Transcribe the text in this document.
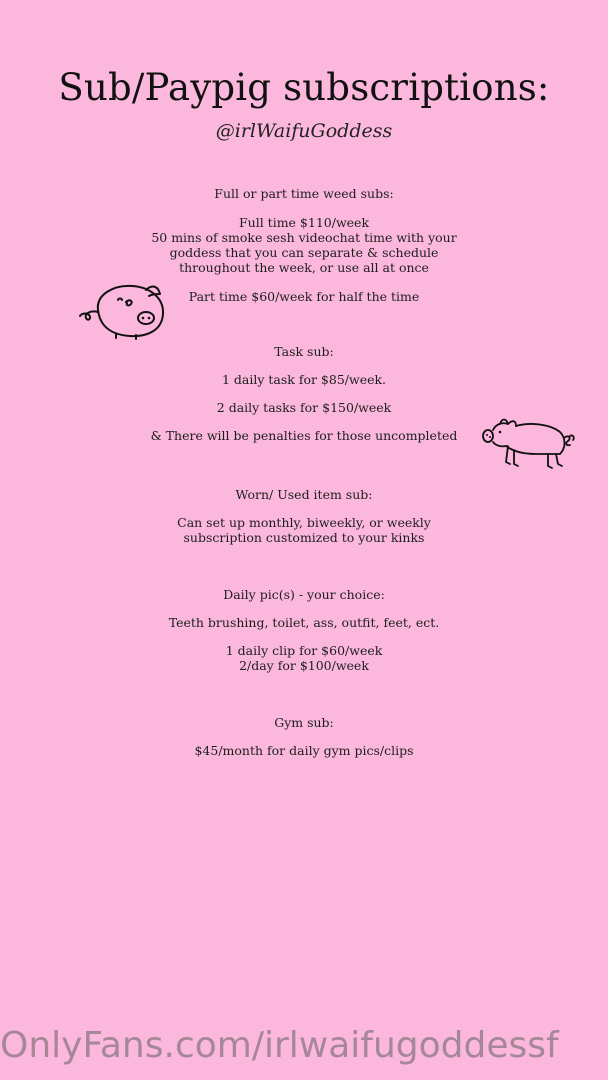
Sub/Paypig subscriptions:
@irlWaifuGoddess

Full or part time weed subs:

Full time $110/week

50 mins of smoke sesh videochat time with your

goddess that you can separate & schedule

throughout the week, or use all at once

Part time $60/week for half the time

Task sub:

1 daily task for $85/week.

2 daily tasks for $150/week

& There will be penalties for those uncompleted

Worn/ Used item sub:

Can set up monthly, biweekly, or weekly

subscription customized to your kinks

Daily pic(s) - your choice:

Teeth brushing, toilet, ass, outfit, feet, ect.

1 daily clip for $60/week

2/day for $100/week

Gym sub:

$45/month for daily gym pics/clips

OnlyFans.com/irlwaifugoddessf
